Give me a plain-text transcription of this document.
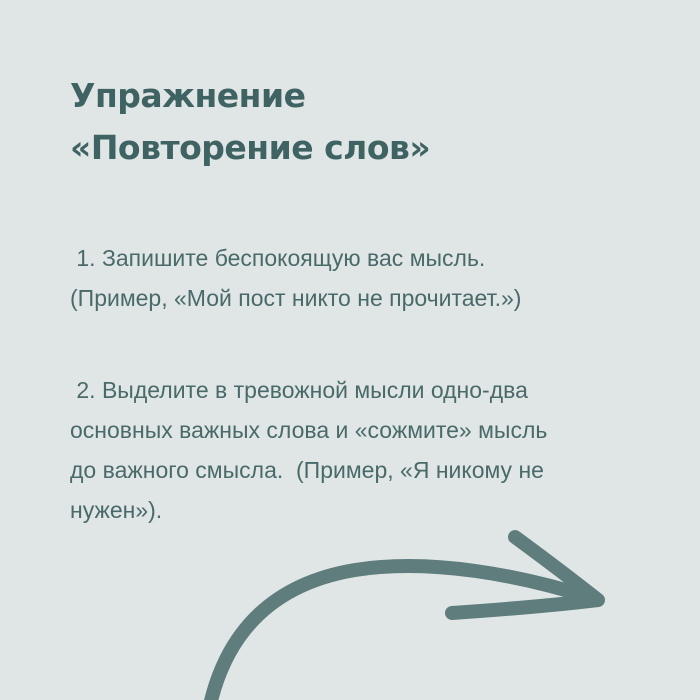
Упражнение
«Повторение слов»

1. Запишите беспокоящую вас мысль.
(Пример, «Мой пост никто не прочитает.»)

2. Выделите в тревожной мысли одно-два
основных важных слова и «сожмите» мысль
до важного смысла.  (Пример, «Я никому не
нужен»).
